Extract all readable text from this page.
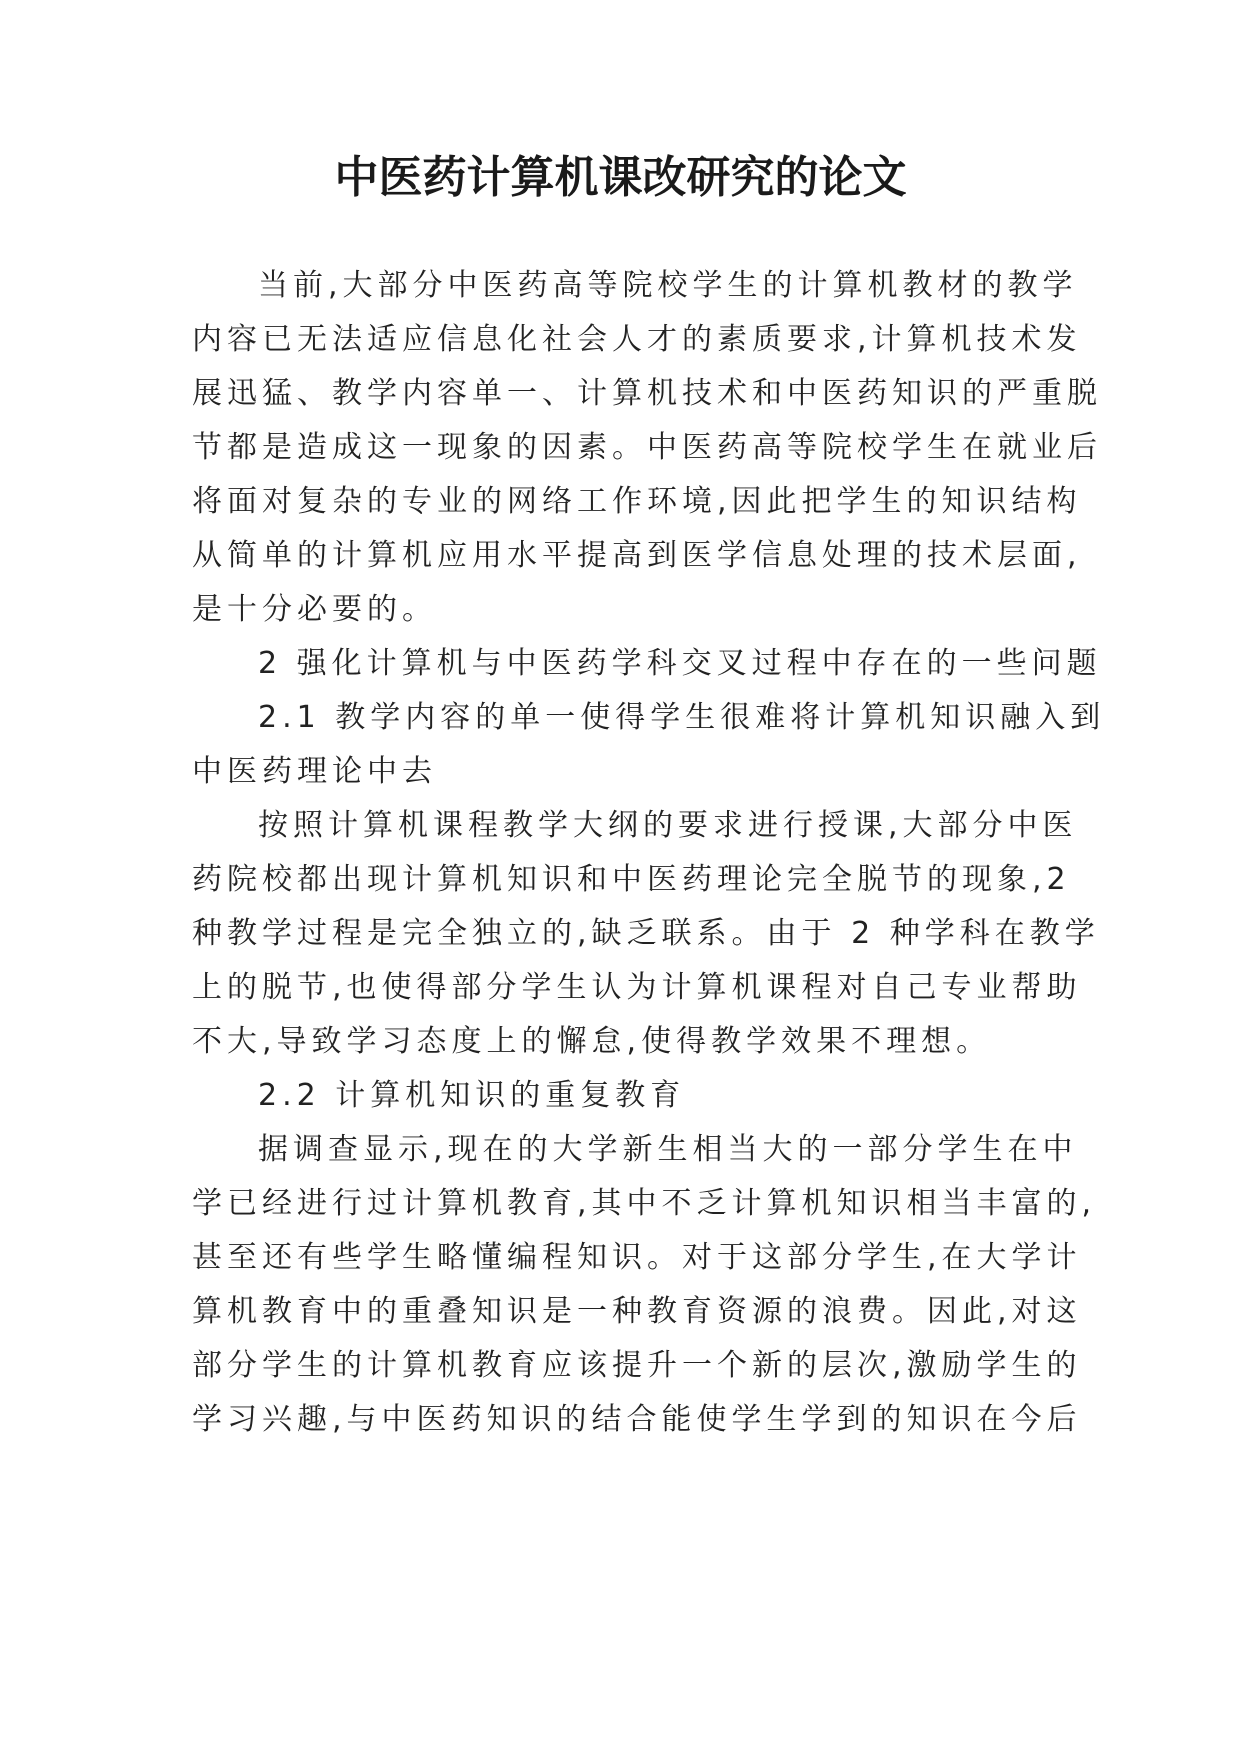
中医药计算机课改研究的论文
当前,大部分中医药高等院校学生的计算机教材的教学
内容已无法适应信息化社会人才的素质要求,计算机技术发
展迅猛、教学内容单一、计算机技术和中医药知识的严重脱
节都是造成这一现象的因素。中医药高等院校学生在就业后
将面对复杂的专业的网络工作环境,因此把学生的知识结构
从简单的计算机应用水平提高到医学信息处理的技术层面,
是十分必要的。
2 强化计算机与中医药学科交叉过程中存在的一些问题
2.1 教学内容的单一使得学生很难将计算机知识融入到
中医药理论中去
按照计算机课程教学大纲的要求进行授课,大部分中医
药院校都出现计算机知识和中医药理论完全脱节的现象,2
种教学过程是完全独立的,缺乏联系。由于 2 种学科在教学
上的脱节,也使得部分学生认为计算机课程对自己专业帮助
不大,导致学习态度上的懈怠,使得教学效果不理想。
2.2 计算机知识的重复教育
据调查显示,现在的大学新生相当大的一部分学生在中
学已经进行过计算机教育,其中不乏计算机知识相当丰富的,
甚至还有些学生略懂编程知识。对于这部分学生,在大学计
算机教育中的重叠知识是一种教育资源的浪费。因此,对这
部分学生的计算机教育应该提升一个新的层次,激励学生的
学习兴趣,与中医药知识的结合能使学生学到的知识在今后
